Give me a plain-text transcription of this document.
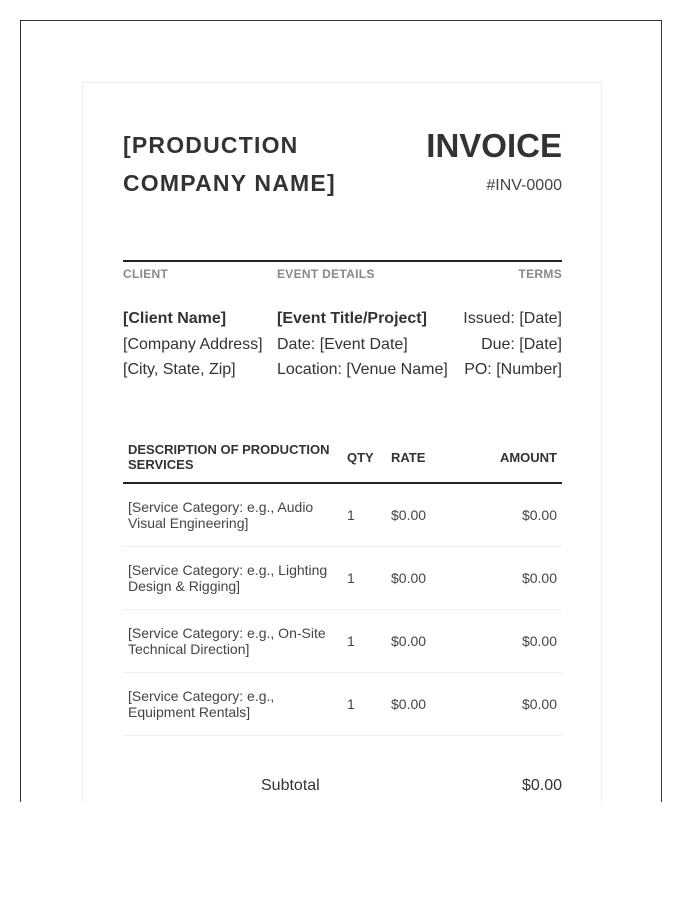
[PRODUCTION COMPANY NAME]
INVOICE
#INV-0000
CLIENT
[Client Name]
[Company Address]
[City, State, Zip]
EVENT DETAILS
[Event Title/Project]
Date: [Event Date]
Location: [Venue Name]
TERMS
Issued: [Date]
Due: [Date]
PO: [Number]
DESCRIPTION OF PRODUCTION SERVICES	QTY	RATE	AMOUNT
[Service Category: e.g., Audio Visual Engineering]	1	$0.00	$0.00
[Service Category: e.g., Lighting Design & Rigging]	1	$0.00	$0.00
[Service Category: e.g., On-Site Technical Direction]	1	$0.00	$0.00
[Service Category: e.g., Equipment Rentals]	1	$0.00	$0.00
Subtotal	$0.00
